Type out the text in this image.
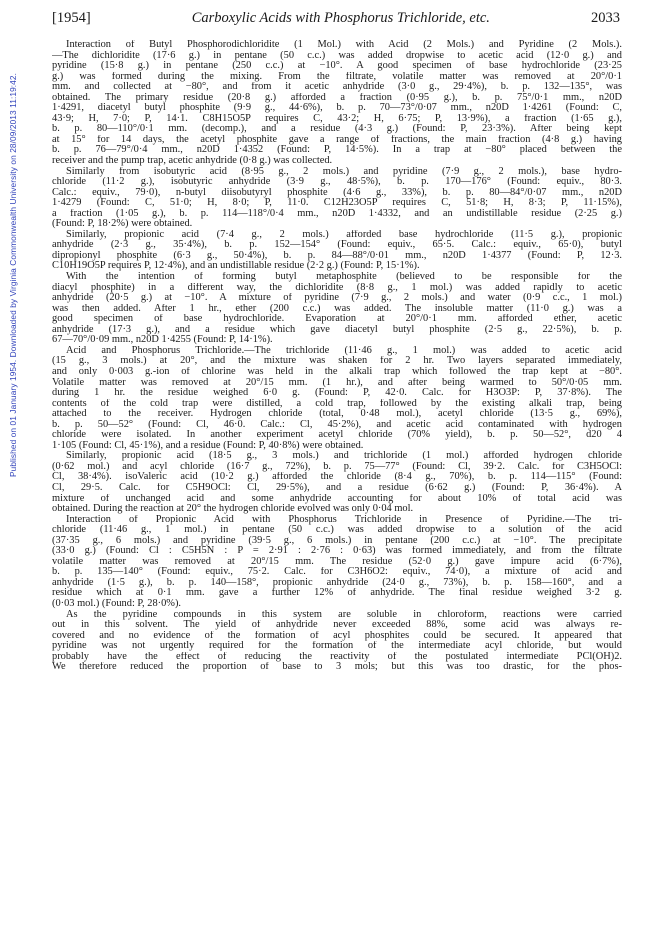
Published on 01 January 1954. Downloaded by Virginia Commonwealth University on 28/09/2013 11:19:42.
[1954]	Carboxylic Acids with Phosphorus Trichloride, etc.	2033
Interaction of Butyl Phosphorodichloridite (1 Mol.) with Acid (2 Mols.) and Pyridine (2 Mols.).
—The dichloridite (17·6 g.) in pentane (50 c.c.) was added dropwise to acetic acid (12·0 g.) and
pyridine (15·8 g.) in pentane (250 c.c.) at −10°. A good specimen of base hydrochloride (23·25
g.) was formed during the mixing. From the filtrate, volatile matter was removed at 20°/0·1
mm. and collected at −80°, and from it acetic anhydride (3·0 g., 29·4%), b. p. 132—135°, was
obtained. The primary residue (20·8 g.) afforded a fraction (0·95 g.), b. p. 75°/0·1 mm., n20D
1·4291, diacetyl butyl phosphite (9·9 g., 44·6%), b. p. 70—73°/0·07 mm., n20D 1·4261 (Found: C,
43·9; H, 7·0; P, 14·1. C8H15O5P requires C, 43·2; H, 6·75; P, 13·9%), a fraction (1·65 g.),
b. p. 80—110°/0·1 mm. (decomp.), and a residue (4·3 g.) (Found: P, 23·3%). After being kept
at 15° for 14 days, the acetyl phosphite gave a range of fractions, the main fraction (4·8 g.) having
b. p. 76—79°/0·4 mm., n20D 1·4352 (Found: P, 14·5%). In a trap at −80° placed between the
receiver and the pump trap, acetic anhydride (0·8 g.) was collected.
Similarly from isobutyric acid (8·95 g., 2 mols.) and pyridine (7·9 g., 2 mols.), base hydro-
chloride (11·2 g.), isobutyric anhydride (3·9 g., 48·5%), b. p. 170—176° (Found: equiv., 80·3.
Calc.: equiv., 79·0), n-butyl diisobutyryl phosphite (4·6 g., 33%), b. p. 80—84°/0·07 mm., n20D
1·4279 (Found: C, 51·0; H, 8·0; P, 11·0. C12H23O5P requires C, 51·8; H, 8·3; P, 11·15%),
a fraction (1·05 g.), b. p. 114—118°/0·4 mm., n20D 1·4332, and an undistillable residue (2·25 g.)
(Found: P, 18·2%) were obtained.
Similarly, propionic acid (7·4 g., 2 mols.) afforded base hydrochloride (11·5 g.), propionic
anhydride (2·3 g., 35·4%), b. p. 152—154° (Found: equiv., 65·5. Calc.: equiv., 65·0), butyl
dipropionyl phosphite (6·3 g., 50·4%), b. p. 84—88°/0·01 mm., n20D 1·4377 (Found: P, 12·3.
C10H19O5P requires P, 12·4%), and an undistillable residue (2·2 g.) (Found: P, 15·1%).
With the intention of forming butyl metaphosphite (believed to be responsible for the
diacyl phosphite) in a different way, the dichloridite (8·8 g., 1 mol.) was added rapidly to acetic
anhydride (20·5 g.) at −10°. A mixture of pyridine (7·9 g., 2 mols.) and water (0·9 c.c., 1 mol.)
was then added. After 1 hr., ether (200 c.c.) was added. The insoluble matter (11·0 g.) was a
good specimen of base hydrochloride. Evaporation at 20°/0·1 mm. afforded ether, acetic
anhydride (17·3 g.), and a residue which gave diacetyl butyl phosphite (2·5 g., 22·5%), b. p.
67—70°/0·09 mm., n20D 1·4255 (Found: P, 14·1%).
Acid and Phosphorus Trichloride.—The trichloride (11·46 g., 1 mol.) was added to acetic acid
(15 g., 3 mols.) at 20°, and the mixture was shaken for 2 hr. Two layers separated immediately,
and only 0·003 g.-ion of chlorine was held in the alkali trap which followed the trap kept at −80°.
Volatile matter was removed at 20°/15 mm. (1 hr.), and after being warmed to 50°/0·05 mm.
during 1 hr. the residue weighed 6·0 g. (Found: P, 42·0. Calc. for H3O3P: P, 37·8%). The
contents of the cold trap were distilled, a cold trap, followed by the existing alkali trap, being
attached to the receiver. Hydrogen chloride (total, 0·48 mol.), acetyl chloride (13·5 g., 69%),
b. p. 50—52° (Found: Cl, 46·0. Calc.: Cl, 45·2%), and acetic acid contaminated with hydrogen
chloride were isolated. In another experiment acetyl chloride (70% yield), b. p. 50—52°, d20 4
1·105 (Found: Cl, 45·1%), and a residue (Found: P, 40·8%) were obtained.
Similarly, propionic acid (18·5 g., 3 mols.) and trichloride (1 mol.) afforded hydrogen chloride
(0·62 mol.) and acyl chloride (16·7 g., 72%), b. p. 75—77° (Found: Cl, 39·2. Calc. for C3H5OCl:
Cl, 38·4%). isoValeric acid (10·2 g.) afforded the chloride (8·4 g., 70%), b. p. 114—115° (Found:
Cl, 29·5. Calc. for C5H9OCl: Cl, 29·5%), and a residue (6·62 g.) (Found: P, 36·4%). A
mixture of unchanged acid and some anhydride accounting for about 10% of total acid was
obtained. During the reaction at 20° the hydrogen chloride evolved was only 0·04 mol.
Interaction of Propionic Acid with Phosphorus Trichloride in Presence of Pyridine.—The tri-
chloride (11·46 g., 1 mol.) in pentane (50 c.c.) was added dropwise to a solution of the acid
(37·35 g., 6 mols.) and pyridine (39·5 g., 6 mols.) in pentane (200 c.c.) at −10°. The precipitate
(33·0 g.) (Found: Cl : C5H5N : P = 2·91 : 2·76 : 0·63) was formed immediately, and from the filtrate
volatile matter was removed at 20°/15 mm. The residue (52·0 g.) gave impure acid (6·7%),
b. p. 135—140° (Found: equiv., 75·2. Calc. for C3H6O2: equiv., 74·0), a mixture of acid and
anhydride (1·5 g.), b. p. 140—158°, propionic anhydride (24·0 g., 73%), b. p. 158—160°, and a
residue which at 0·1 mm. gave a further 12% of anhydride. The final residue weighed 3·2 g.
(0·03 mol.) (Found: P, 28·0%).
As the pyridine compounds in this system are soluble in chloroform, reactions were carried
out in this solvent. The yield of anhydride never exceeded 88%, some acid was always re-
covered and no evidence of the formation of acyl phosphites could be secured. It appeared that
pyridine was not urgently required for the formation of the intermediate acyl chloride, but would
probably have the effect of reducing the reactivity of the postulated intermediate PCl(OH)2.
We therefore reduced the proportion of base to 3 mols; but this was too drastic, for the phos-
